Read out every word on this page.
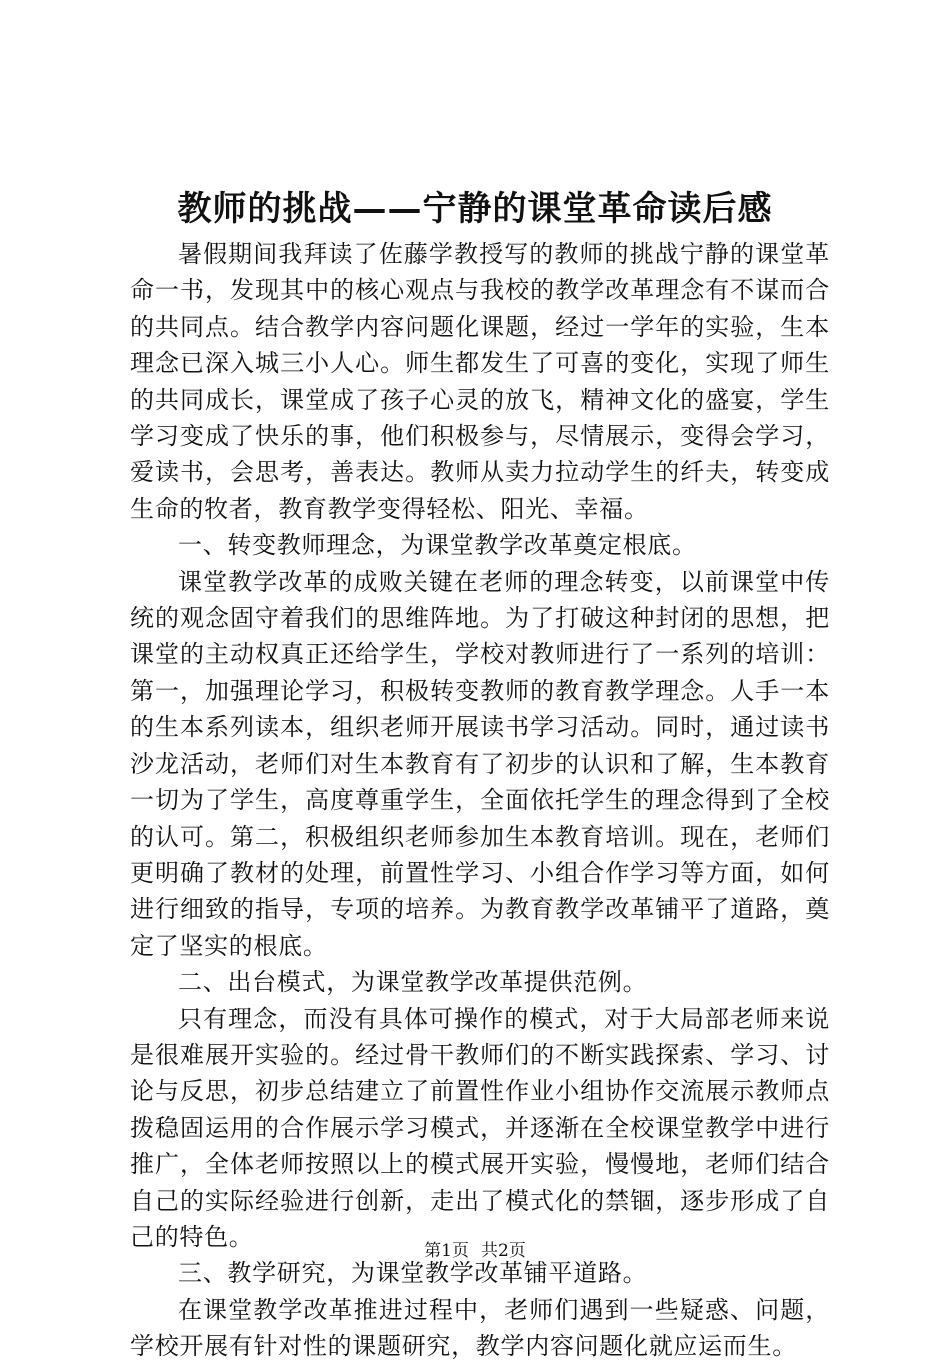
教师的挑战——宁静的课堂革命读后感

暑假期间我拜读了佐藤学教授写的教师的挑战宁静的课堂革命一书，发现其中的核心观点与我校的教学改革理念有不谋而合的共同点。结合教学内容问题化课题，经过一学年的实验，生本理念已深入城三小人心。师生都发生了可喜的变化，实现了师生的共同成长，课堂成了孩子心灵的放飞，精神文化的盛宴，学生学习变成了快乐的事，他们积极参与，尽情展示，变得会学习，爱读书，会思考，善表达。教师从卖力拉动学生的纤夫，转变成生命的牧者，教育教学变得轻松、阳光、幸福。

一、转变教师理念，为课堂教学改革奠定根底。

课堂教学改革的成败关键在老师的理念转变，以前课堂中传统的观念固守着我们的思维阵地。为了打破这种封闭的思想，把课堂的主动权真正还给学生，学校对教师进行了一系列的培训：第一，加强理论学习，积极转变教师的教育教学理念。人手一本的生本系列读本，组织老师开展读书学习活动。同时，通过读书沙龙活动，老师们对生本教育有了初步的认识和了解，生本教育一切为了学生，高度尊重学生，全面依托学生的理念得到了全校的认可。第二，积极组织老师参加生本教育培训。现在，老师们更明确了教材的处理，前置性学习、小组合作学习等方面，如何进行细致的指导，专项的培养。为教育教学改革铺平了道路，奠定了坚实的根底。

二、出台模式，为课堂教学改革提供范例。

只有理念，而没有具体可操作的模式，对于大局部老师来说是很难展开实验的。经过骨干教师们的不断实践探索、学习、讨论与反思，初步总结建立了前置性作业小组协作交流展示教师点拨稳固运用的合作展示学习模式，并逐渐在全校课堂教学中进行推广，全体老师按照以上的模式展开实验，慢慢地，老师们结合自己的实际经验进行创新，走出了模式化的禁锢，逐步形成了自己的特色。

三、教学研究，为课堂教学改革铺平道路。

在课堂教学改革推进过程中，老师们遇到一些疑惑、问题，学校开展有针对性的课题研究，教学内容问题化就应运而生。

第1页 共2页
